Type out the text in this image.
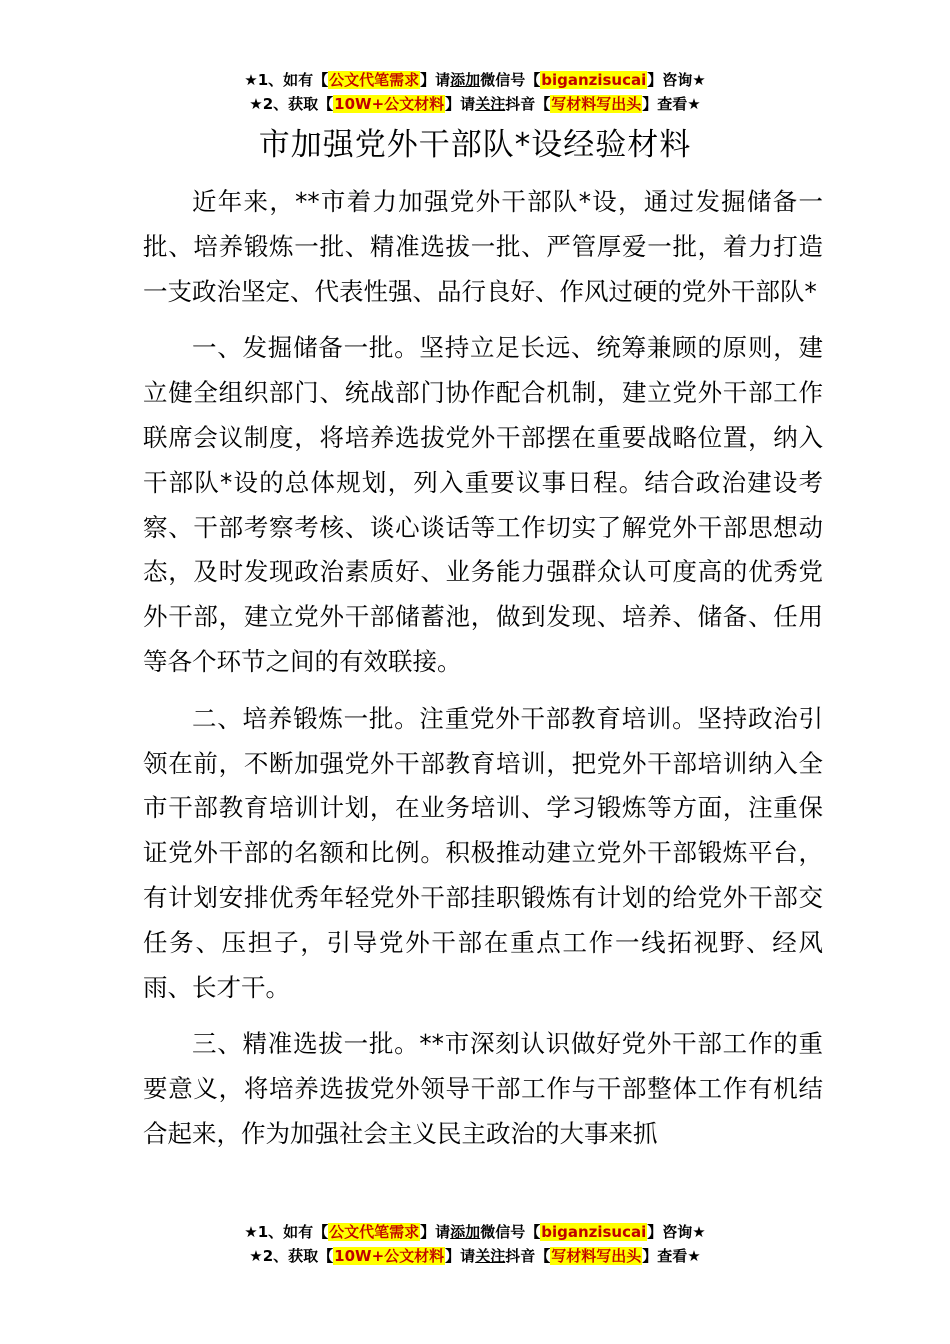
★1、如有【公文代笔需求】请添加微信号【biganzisucai】咨询★
★2、获取【10W+公文材料】请关注抖音【写材料写出头】查看★
市加强党外干部队*设经验材料

近年来，**市着力加强党外干部队*设，通过发掘储备一批、培养锻炼一批、精准选拔一批、严管厚爱一批，着力打造一支政治坚定、代表性强、品行良好、作风过硬的党外干部队*

一、发掘储备一批。坚持立足长远、统筹兼顾的原则，建立健全组织部门、统战部门协作配合机制，建立党外干部工作联席会议制度，将培养选拔党外干部摆在重要战略位置，纳入干部队*设的总体规划，列入重要议事日程。结合政治建设考察、干部考察考核、谈心谈话等工作切实了解党外干部思想动态，及时发现政治素质好、业务能力强群众认可度高的优秀党外干部，建立党外干部储蓄池，做到发现、培养、储备、任用等各个环节之间的有效联接。

二、培养锻炼一批。注重党外干部教育培训。坚持政治引领在前，不断加强党外干部教育培训，把党外干部培训纳入全市干部教育培训计划，在业务培训、学习锻炼等方面，注重保证党外干部的名额和比例。积极推动建立党外干部锻炼平台，有计划安排优秀年轻党外干部挂职锻炼有计划的给党外干部交任务、压担子，引导党外干部在重点工作一线拓视野、经风雨、长才干。

三、精准选拔一批。**市深刻认识做好党外干部工作的重要意义，将培养选拔党外领导干部工作与干部整体工作有机结合起来，作为加强社会主义民主政治的大事来抓

★1、如有【公文代笔需求】请添加微信号【biganzisucai】咨询★
★2、获取【10W+公文材料】请关注抖音【写材料写出头】查看★
